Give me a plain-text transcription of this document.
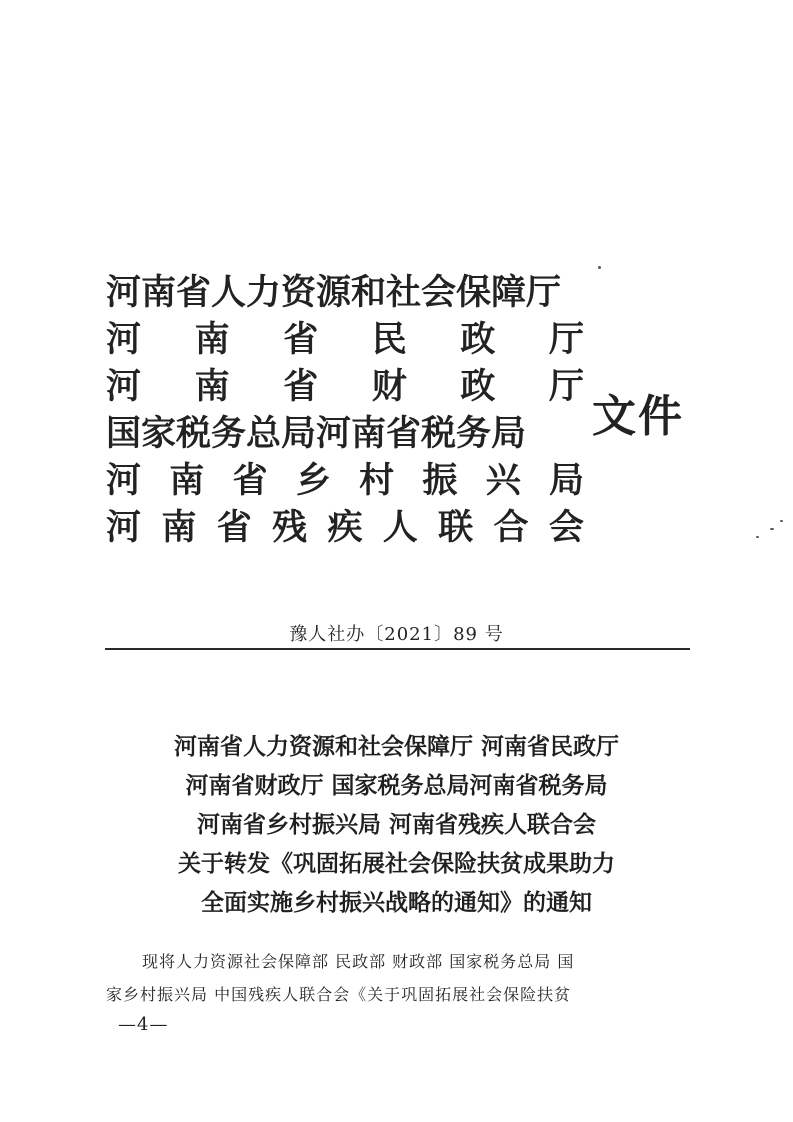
河南省人力资源和社会保障厅
河 南 省 民 政 厅
河 南 省 财 政 厅
国家税务总局河南省税务局
河 南 省 乡 村 振 兴 局
河 南 省 残 疾 人 联 合 会
文件
豫人社办〔2021〕89 号
河南省人力资源和社会保障厅 河南省民政厅
河南省财政厅 国家税务总局河南省税务局
河南省乡村振兴局 河南省残疾人联合会
关于转发《巩固拓展社会保险扶贫成果助力
全面实施乡村振兴战略的通知》的通知
现将人力资源社会保障部 民政部 财政部 国家税务总局 国
家乡村振兴局 中国残疾人联合会《关于巩固拓展社会保险扶贫
—4—
